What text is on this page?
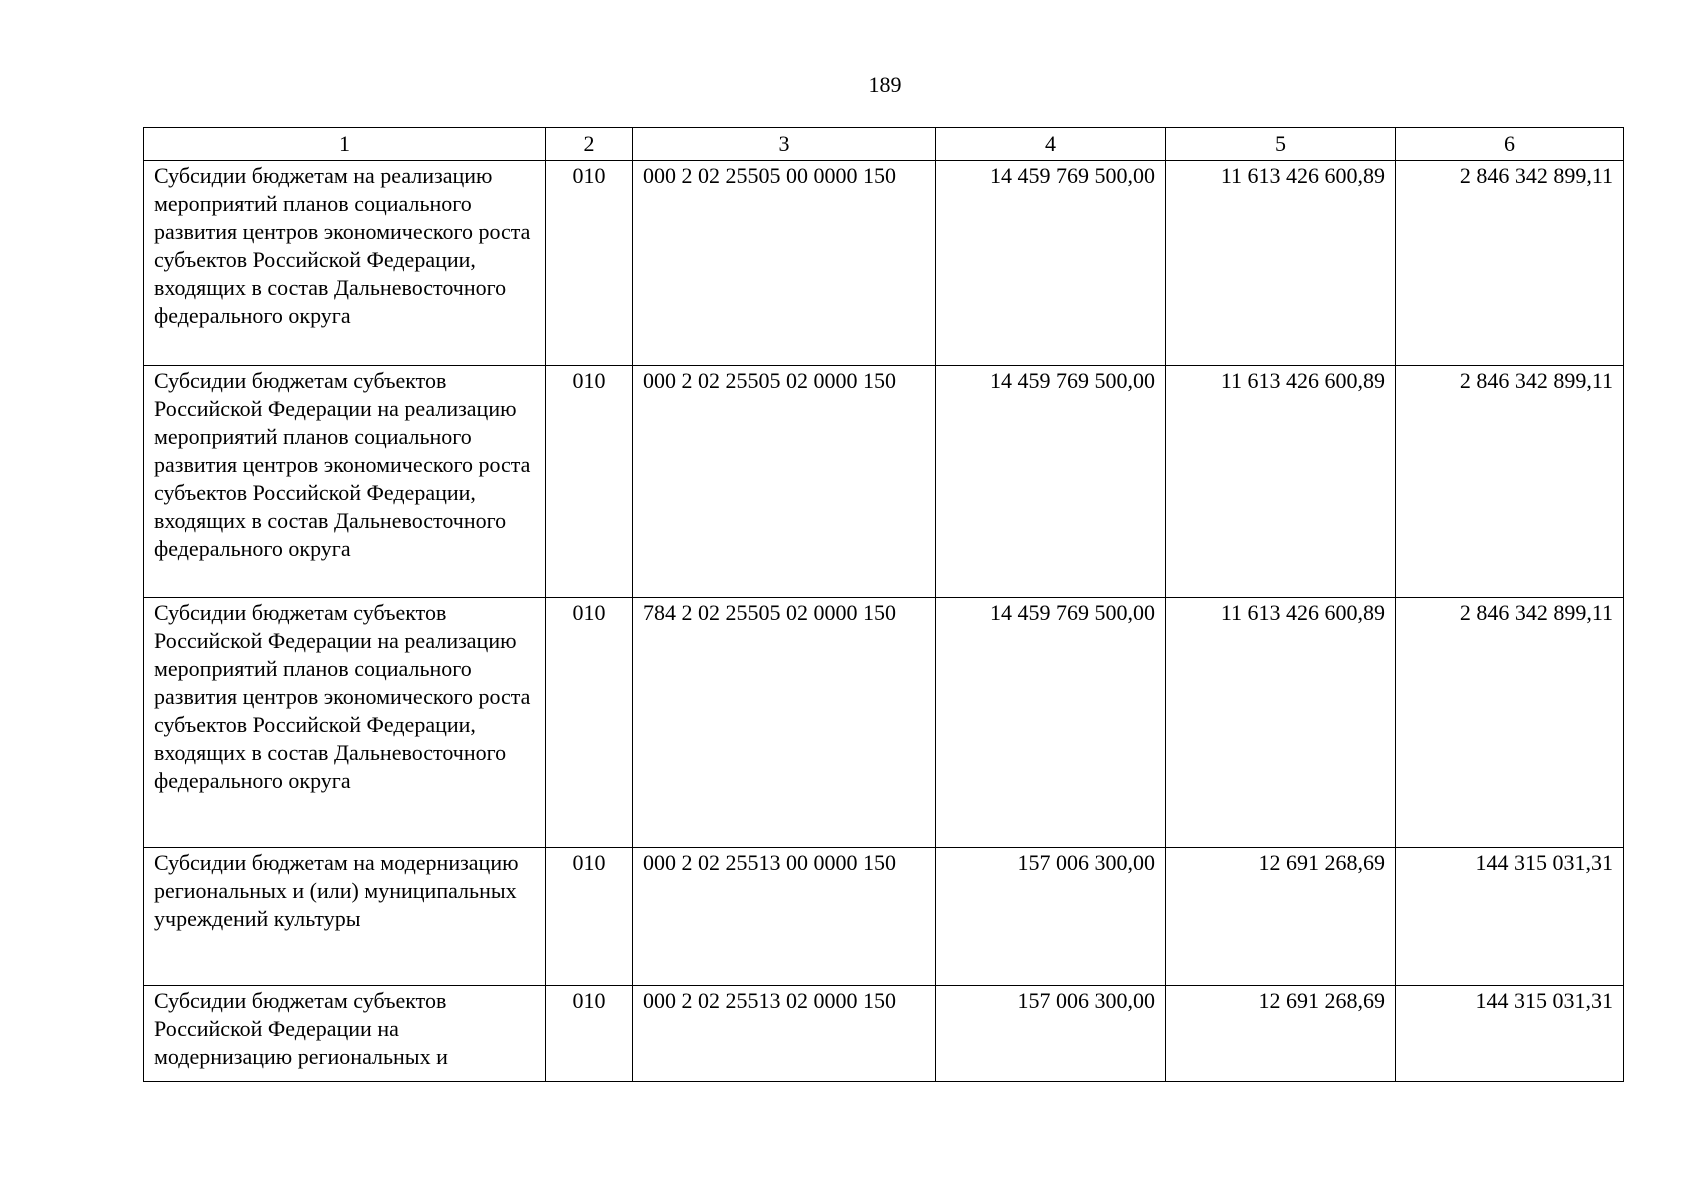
189
1	2	3	4	5	6
Субсидии бюджетам на реализацию мероприятий планов социального развития центров экономического роста субъектов Российской Федерации, входящих в состав Дальневосточного федерального округа	010	000 2 02 25505 00 0000 150	14 459 769 500,00	11 613 426 600,89	2 846 342 899,11
Субсидии бюджетам субъектов Российской Федерации на реализацию мероприятий планов социального развития центров экономического роста субъектов Российской Федерации, входящих в состав Дальневосточного федерального округа	010	000 2 02 25505 02 0000 150	14 459 769 500,00	11 613 426 600,89	2 846 342 899,11
Субсидии бюджетам субъектов Российской Федерации на реализацию мероприятий планов социального развития центров экономического роста субъектов Российской Федерации, входящих в состав Дальневосточного федерального округа	010	784 2 02 25505 02 0000 150	14 459 769 500,00	11 613 426 600,89	2 846 342 899,11
Субсидии бюджетам на модернизацию региональных и (или) муниципальных учреждений культуры	010	000 2 02 25513 00 0000 150	157 006 300,00	12 691 268,69	144 315 031,31
Субсидии бюджетам субъектов Российской Федерации на модернизацию региональных и	010	000 2 02 25513 02 0000 150	157 006 300,00	12 691 268,69	144 315 031,31
